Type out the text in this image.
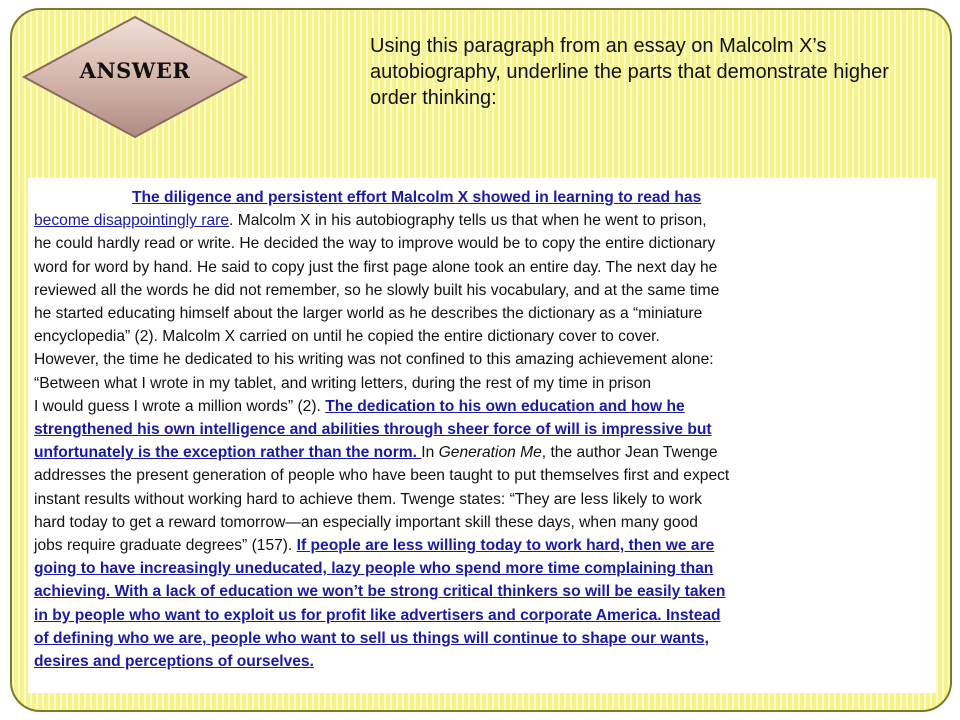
ANSWER
Using this paragraph from an essay on Malcolm X’s autobiography, underline the parts that demonstrate higher order thinking:
The diligence and persistent effort Malcolm X showed in learning to read has
become disappointingly rare. Malcolm X in his autobiography tells us that when he went to prison,
he could hardly read or write. He decided the way to improve would be to copy the entire dictionary
word for word by hand. He said to copy just the first page alone took an entire day. The next day he
reviewed all the words he did not remember, so he slowly built his vocabulary, and at the same time
he started educating himself about the larger world as he describes the dictionary as a “miniature
encyclopedia” (2). Malcolm X carried on until he copied the entire dictionary cover to cover.
However, the time he dedicated to his writing was not confined to this amazing achievement alone:
“Between what I wrote in my tablet, and writing letters, during the rest of my time in prison
I would guess I wrote a million words” (2). The dedication to his own education and how he
strengthened his own intelligence and abilities through sheer force of will is impressive but
unfortunately is the exception rather than the norm. In Generation Me, the author Jean Twenge
addresses the present generation of people who have been taught to put themselves first and expect
instant results without working hard to achieve them. Twenge states: “They are less likely to work
hard today to get a reward tomorrow—an especially important skill these days, when many good
jobs require graduate degrees” (157). If people are less willing today to work hard, then we are
going to have increasingly uneducated, lazy people who spend more time complaining than
achieving. With a lack of education we won’t be strong critical thinkers so will be easily taken
in by people who want to exploit us for profit like advertisers and corporate America. Instead
of defining who we are, people who want to sell us things will continue to shape our wants,
desires and perceptions of ourselves.
